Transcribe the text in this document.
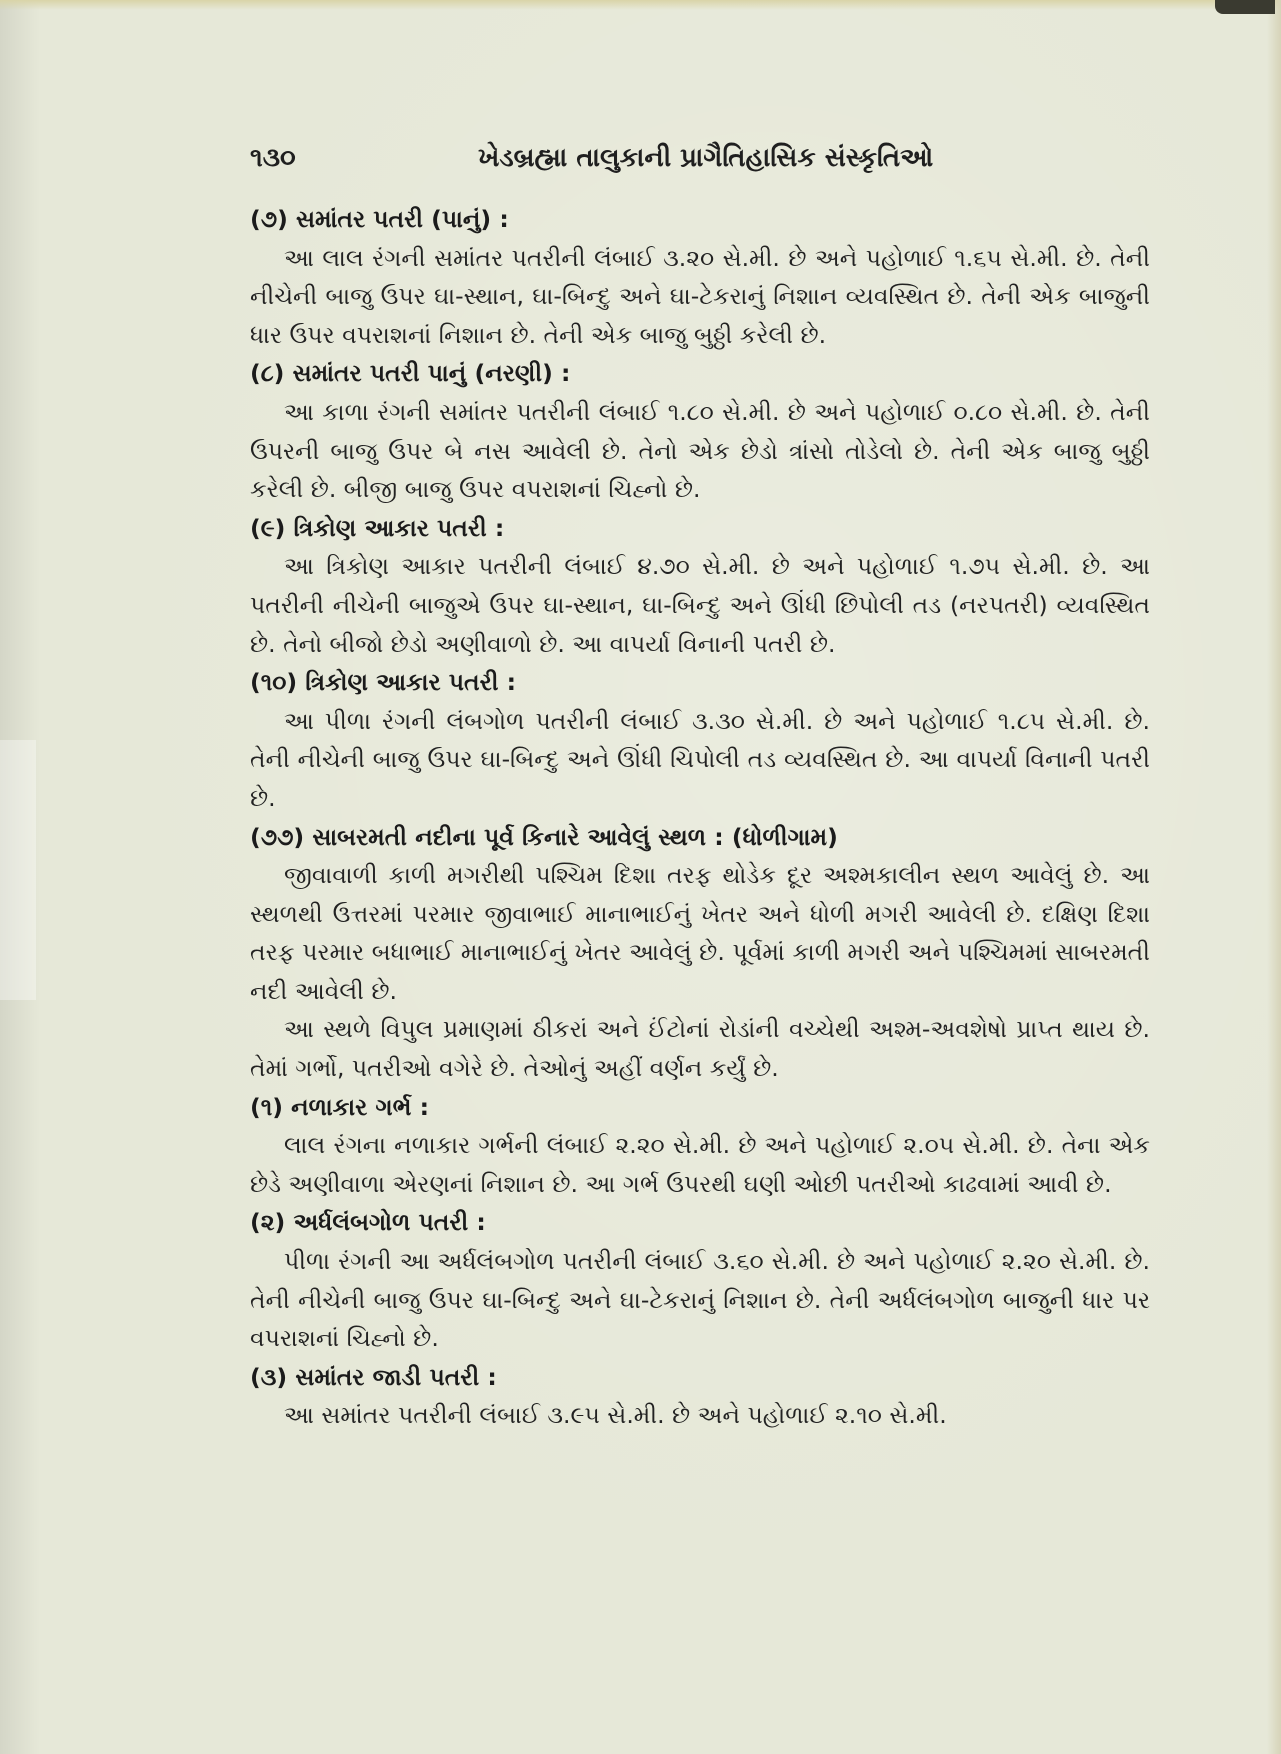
૧૩૦	ખેડબ્રહ્મા તાલુકાની પ્રાગૈતિહાસિક સંસ્કૃતિઓ

(૭) સમાંતર પતરી (પાનું) :

આ લાલ રંગની સમાંતર પતરીની લંબાઈ ૩.૨૦ સે.મી. છે અને પહોળાઈ ૧.૬૫ સે.મી. છે. તેની નીચેની બાજુ ઉપર ઘા-સ્થાન, ઘા-બિન્દુ અને ઘા-ટેકરાનું નિશાન વ્યવસ્થિત છે. તેની એક બાજુની ધાર ઉપર વપરાશનાં નિશાન છે. તેની એક બાજુ બુઠ્ઠી કરેલી છે.

(૮) સમાંતર પતરી પાનું (નરણી) :

આ કાળા રંગની સમાંતર પતરીની લંબાઈ ૧.૮૦ સે.મી. છે અને પહોળાઈ ૦.૮૦ સે.મી. છે. તેની ઉપરની બાજુ ઉપર બે નસ આવેલી છે. તેનો એક છેડો ત્રાંસો તોડેલો છે. તેની એક બાજુ બુઠ્ઠી કરેલી છે. બીજી બાજુ ઉપર વપરાશનાં ચિહ્નો છે.

(૯) ત્રિકોણ આકાર પતરી :

આ ત્રિકોણ આકાર પતરીની લંબાઈ ૪.૭૦ સે.મી. છે અને પહોળાઈ ૧.૭૫ સે.મી. છે. આ પતરીની નીચેની બાજુએ ઉપર ઘા-સ્થાન, ઘા-બિન્દુ અને ઊંધી છિપોલી તડ (નરપતરી) વ્યવસ્થિત છે. તેનો બીજો છેડો અણીવાળો છે. આ વાપર્યા વિનાની પતરી છે.

(૧૦) ત્રિકોણ આકાર પતરી :

આ પીળા રંગની લંબગોળ પતરીની લંબાઈ ૩.૩૦ સે.મી. છે અને પહોળાઈ ૧.૮૫ સે.મી. છે. તેની નીચેની બાજુ ઉપર ઘા-બિન્દુ અને ઊંધી ચિપોલી તડ વ્યવસ્થિત છે. આ વાપર્યા વિનાની પતરી છે.

(૭૭) સાબરમતી નદીના પૂર્વ કિનારે આવેલું સ્થળ : (ધોળીગામ)

જીવાવાળી કાળી મગરીથી પશ્ચિમ દિશા તરફ થોડેક દૂર અશ્મકાલીન સ્થળ આવેલું છે. આ સ્થળથી ઉત્તરમાં પરમાર જીવાભાઈ માનાભાઈનું ખેતર અને ધોળી મગરી આવેલી છે. દક્ષિણ દિશા તરફ પરમાર બધાભાઈ માનાભાઈનું ખેતર આવેલું છે. પૂર્વમાં કાળી મગરી અને પશ્ચિમમાં સાબરમતી નદી આવેલી છે.

આ સ્થળે વિપુલ પ્રમાણમાં ઠીકરાં અને ઈંટોનાં રોડાંની વચ્ચેથી અશ્મ-અવશેષો પ્રાપ્ત થાય છે. તેમાં ગર્ભો, પતરીઓ વગેરે છે. તેઓનું અહીં વર્ણન કર્યું છે.

(૧) નળાકાર ગર્ભ :

લાલ રંગના નળાકાર ગર્ભની લંબાઈ ૨.૨૦ સે.મી. છે અને પહોળાઈ ૨.૦૫ સે.મી. છે. તેના એક છેડે અણીવાળા એરણનાં નિશાન છે. આ ગર્ભ ઉપરથી ઘણી ઓછી પતરીઓ કાઢવામાં આવી છે.

(૨) અર્ધલંબગોળ પતરી :

પીળા રંગની આ અર્ધલંબગોળ પતરીની લંબાઈ ૩.૬૦ સે.મી. છે અને પહોળાઈ ૨.૨૦ સે.મી. છે. તેની નીચેની બાજુ ઉપર ઘા-બિન્દુ અને ઘા-ટેકરાનું નિશાન છે. તેની અર્ધલંબગોળ બાજુની ધાર પર વપરાશનાં ચિહ્નો છે.

(૩) સમાંતર જાડી પતરી :

આ સમાંતર પતરીની લંબાઈ ૩.૯૫ સે.મી. છે અને પહોળાઈ ૨.૧૦ સે.મી.
